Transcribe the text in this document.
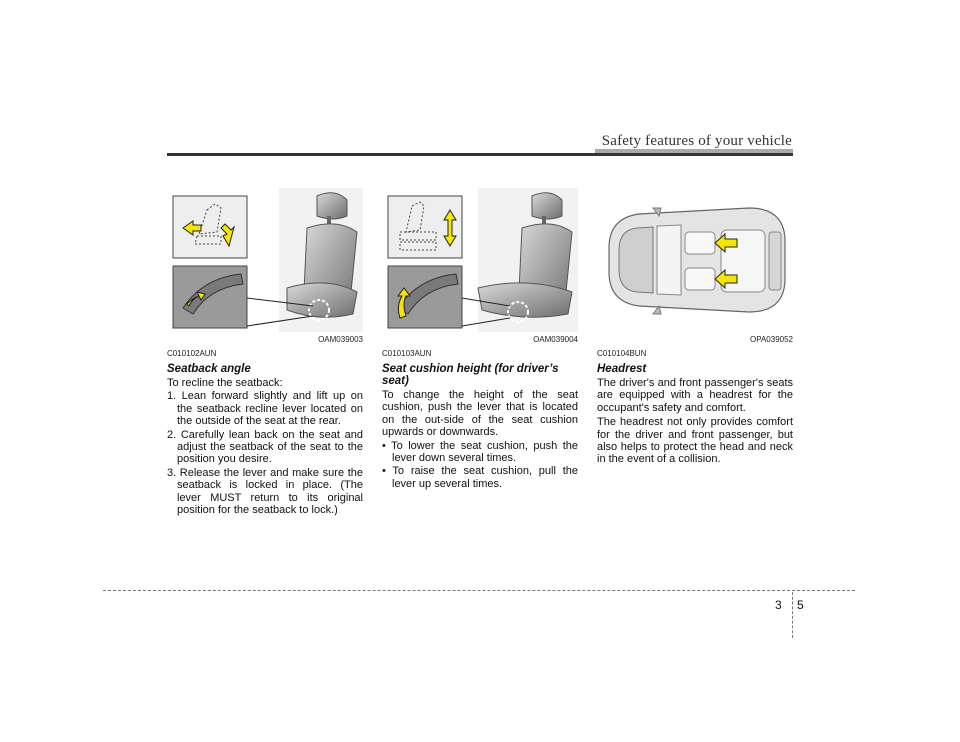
Safety features of your vehicle
OAM039003
C010102AUN
Seatback angle

To recline the seatback:

1. Lean forward slightly and lift up on the seatback recline lever located on the outside of the seat at the rear.
2. Carefully lean back on the seat and adjust the seatback of the seat to the position you desire.
3. Release the lever and make sure the seatback is locked in place. (The lever MUST return to its original position for the seatback to lock.)
OAM039004
C010103AUN
Seat cushion height (for driver’s seat)

To change the height of the seat cushion, push the lever that is located on the out-side of the seat cushion upwards or downwards.

• To lower the seat cushion, push the lever down several times.
• To raise the seat cushion, pull the lever up several times.
OPA039052
C010104BUN
Headrest

The driver's and front passenger's seats are equipped with a headrest for the occupant's safety and comfort.

The headrest not only provides comfort for the driver and front passenger, but also helps to protect the head and neck in the event of a collision.

3 5
